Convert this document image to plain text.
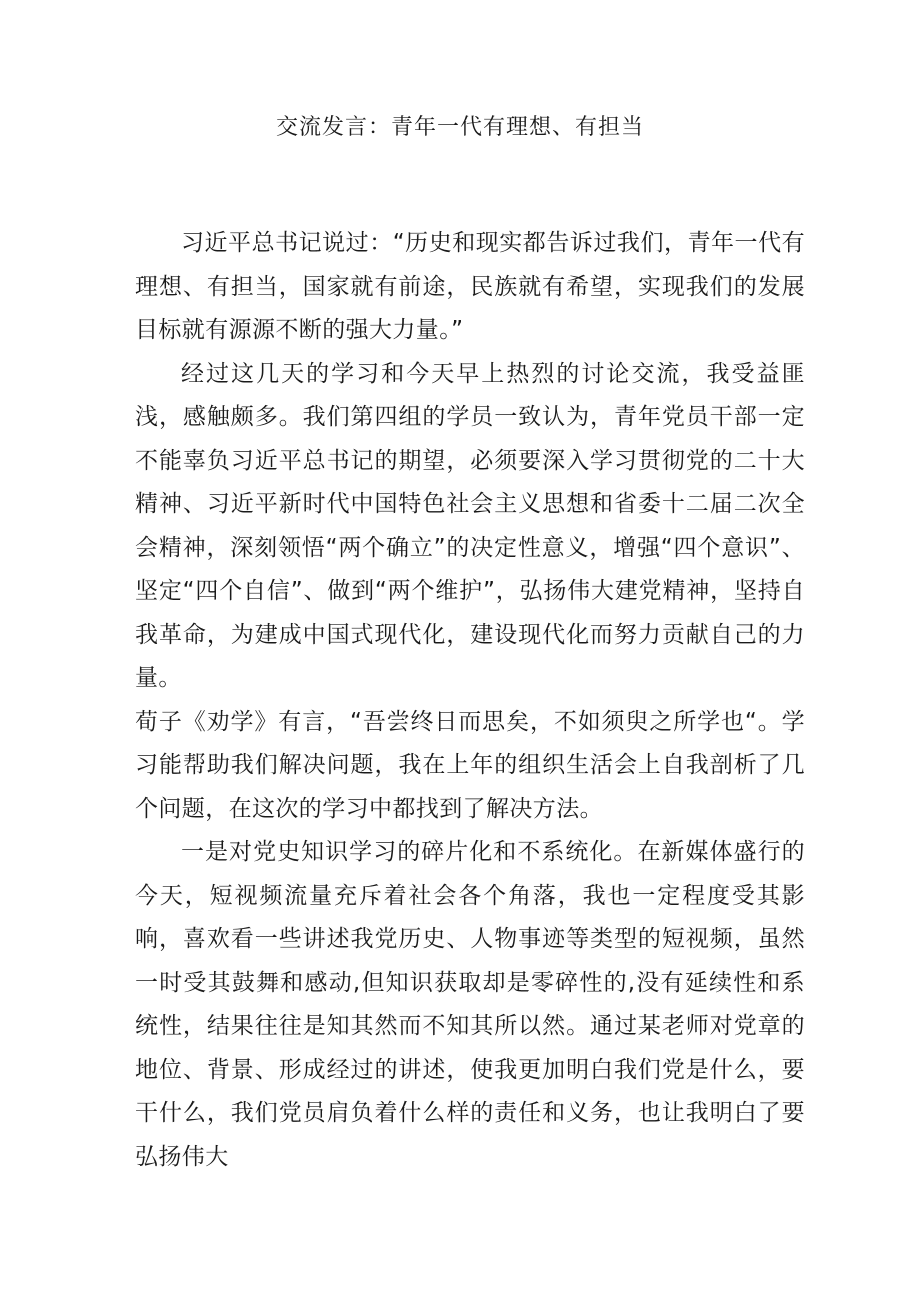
交流发言：青年一代有理想、有担当

习近平总书记说过：“历史和现实都告诉过我们，青年一代有理想、有担当，国家就有前途，民族就有希望，实现我们的发展目标就有源源不断的强大力量。”

经过这几天的学习和今天早上热烈的讨论交流，我受益匪浅，感触颇多。我们第四组的学员一致认为，青年党员干部一定不能辜负习近平总书记的期望，必须要深入学习贯彻党的二十大精神、习近平新时代中国特色社会主义思想和省委十二届二次全会精神，深刻领悟“两个确立”的决定性意义，增强“四个意识”、坚定“四个自信”、做到“两个维护”，弘扬伟大建党精神，坚持自我革命，为建成中国式现代化，建设现代化而努力贡献自己的力量。

荀子《劝学》有言，“吾尝终日而思矣，不如须臾之所学也“。学习能帮助我们解决问题，我在上年的组织生活会上自我剖析了几个问题，在这次的学习中都找到了解决方法。

一是对党史知识学习的碎片化和不系统化。在新媒体盛行的今天，短视频流量充斥着社会各个角落，我也一定程度受其影响，喜欢看一些讲述我党历史、人物事迹等类型的短视频，虽然一时受其鼓舞和感动,但知识获取却是零碎性的,没有延续性和系统性，结果往往是知其然而不知其所以然。通过某老师对党章的地位、背景、形成经过的讲述，使我更加明白我们党是什么，要干什么，我们党员肩负着什么样的责任和义务，也让我明白了要弘扬伟大
